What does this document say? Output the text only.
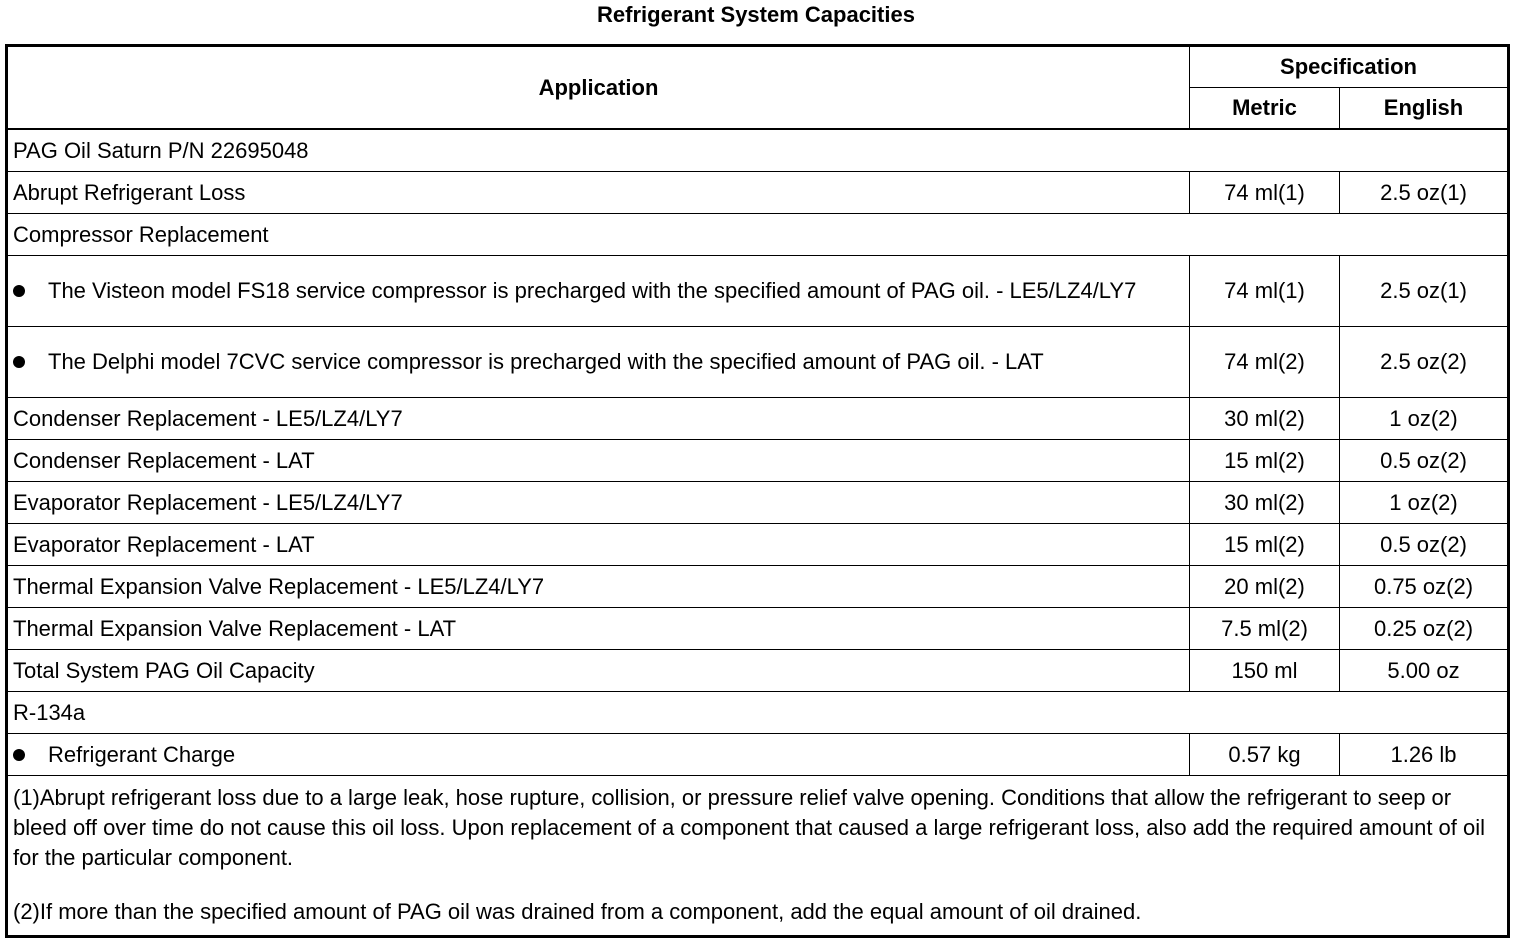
Refrigerant System Capacities
Application	Specification	
	Metric	English
PAG Oil Saturn P/N 22695048		
Abrupt Refrigerant Loss	74 ml(1)	2.5 oz(1)
Compressor Replacement		

The Visteon model FS18 service compressor is precharged with the specified amount of PAG oil. - LE5/LZ4/LY7	74 ml(1)	2.5 oz(1)

The Delphi model 7CVC service compressor is precharged with the specified amount of PAG oil. - LAT	74 ml(2)	2.5 oz(2)
Condenser Replacement - LE5/LZ4/LY7	30 ml(2)	1 oz(2)
Condenser Replacement - LAT	15 ml(2)	0.5 oz(2)
Evaporator Replacement - LE5/LZ4/LY7	30 ml(2)	1 oz(2)
Evaporator Replacement - LAT	15 ml(2)	0.5 oz(2)
Thermal Expansion Valve Replacement - LE5/LZ4/LY7	20 ml(2)	0.75 oz(2)
Thermal Expansion Valve Replacement - LAT	7.5 ml(2)	0.25 oz(2)
Total System PAG Oil Capacity	150 ml	5.00 oz
R-134a		

Refrigerant Charge	0.57 kg	1.26 lb

(1)Abrupt refrigerant loss due to a large leak, hose rupture, collision, or pressure relief valve opening. Conditions that allow the refrigerant to seep or bleed off over time do not cause this oil loss. Upon replacement of a component that caused a large refrigerant loss, also add the required amount of oil for the particular component.

(2)If more than the specified amount of PAG oil was drained from a component, add the equal amount of oil drained.		
